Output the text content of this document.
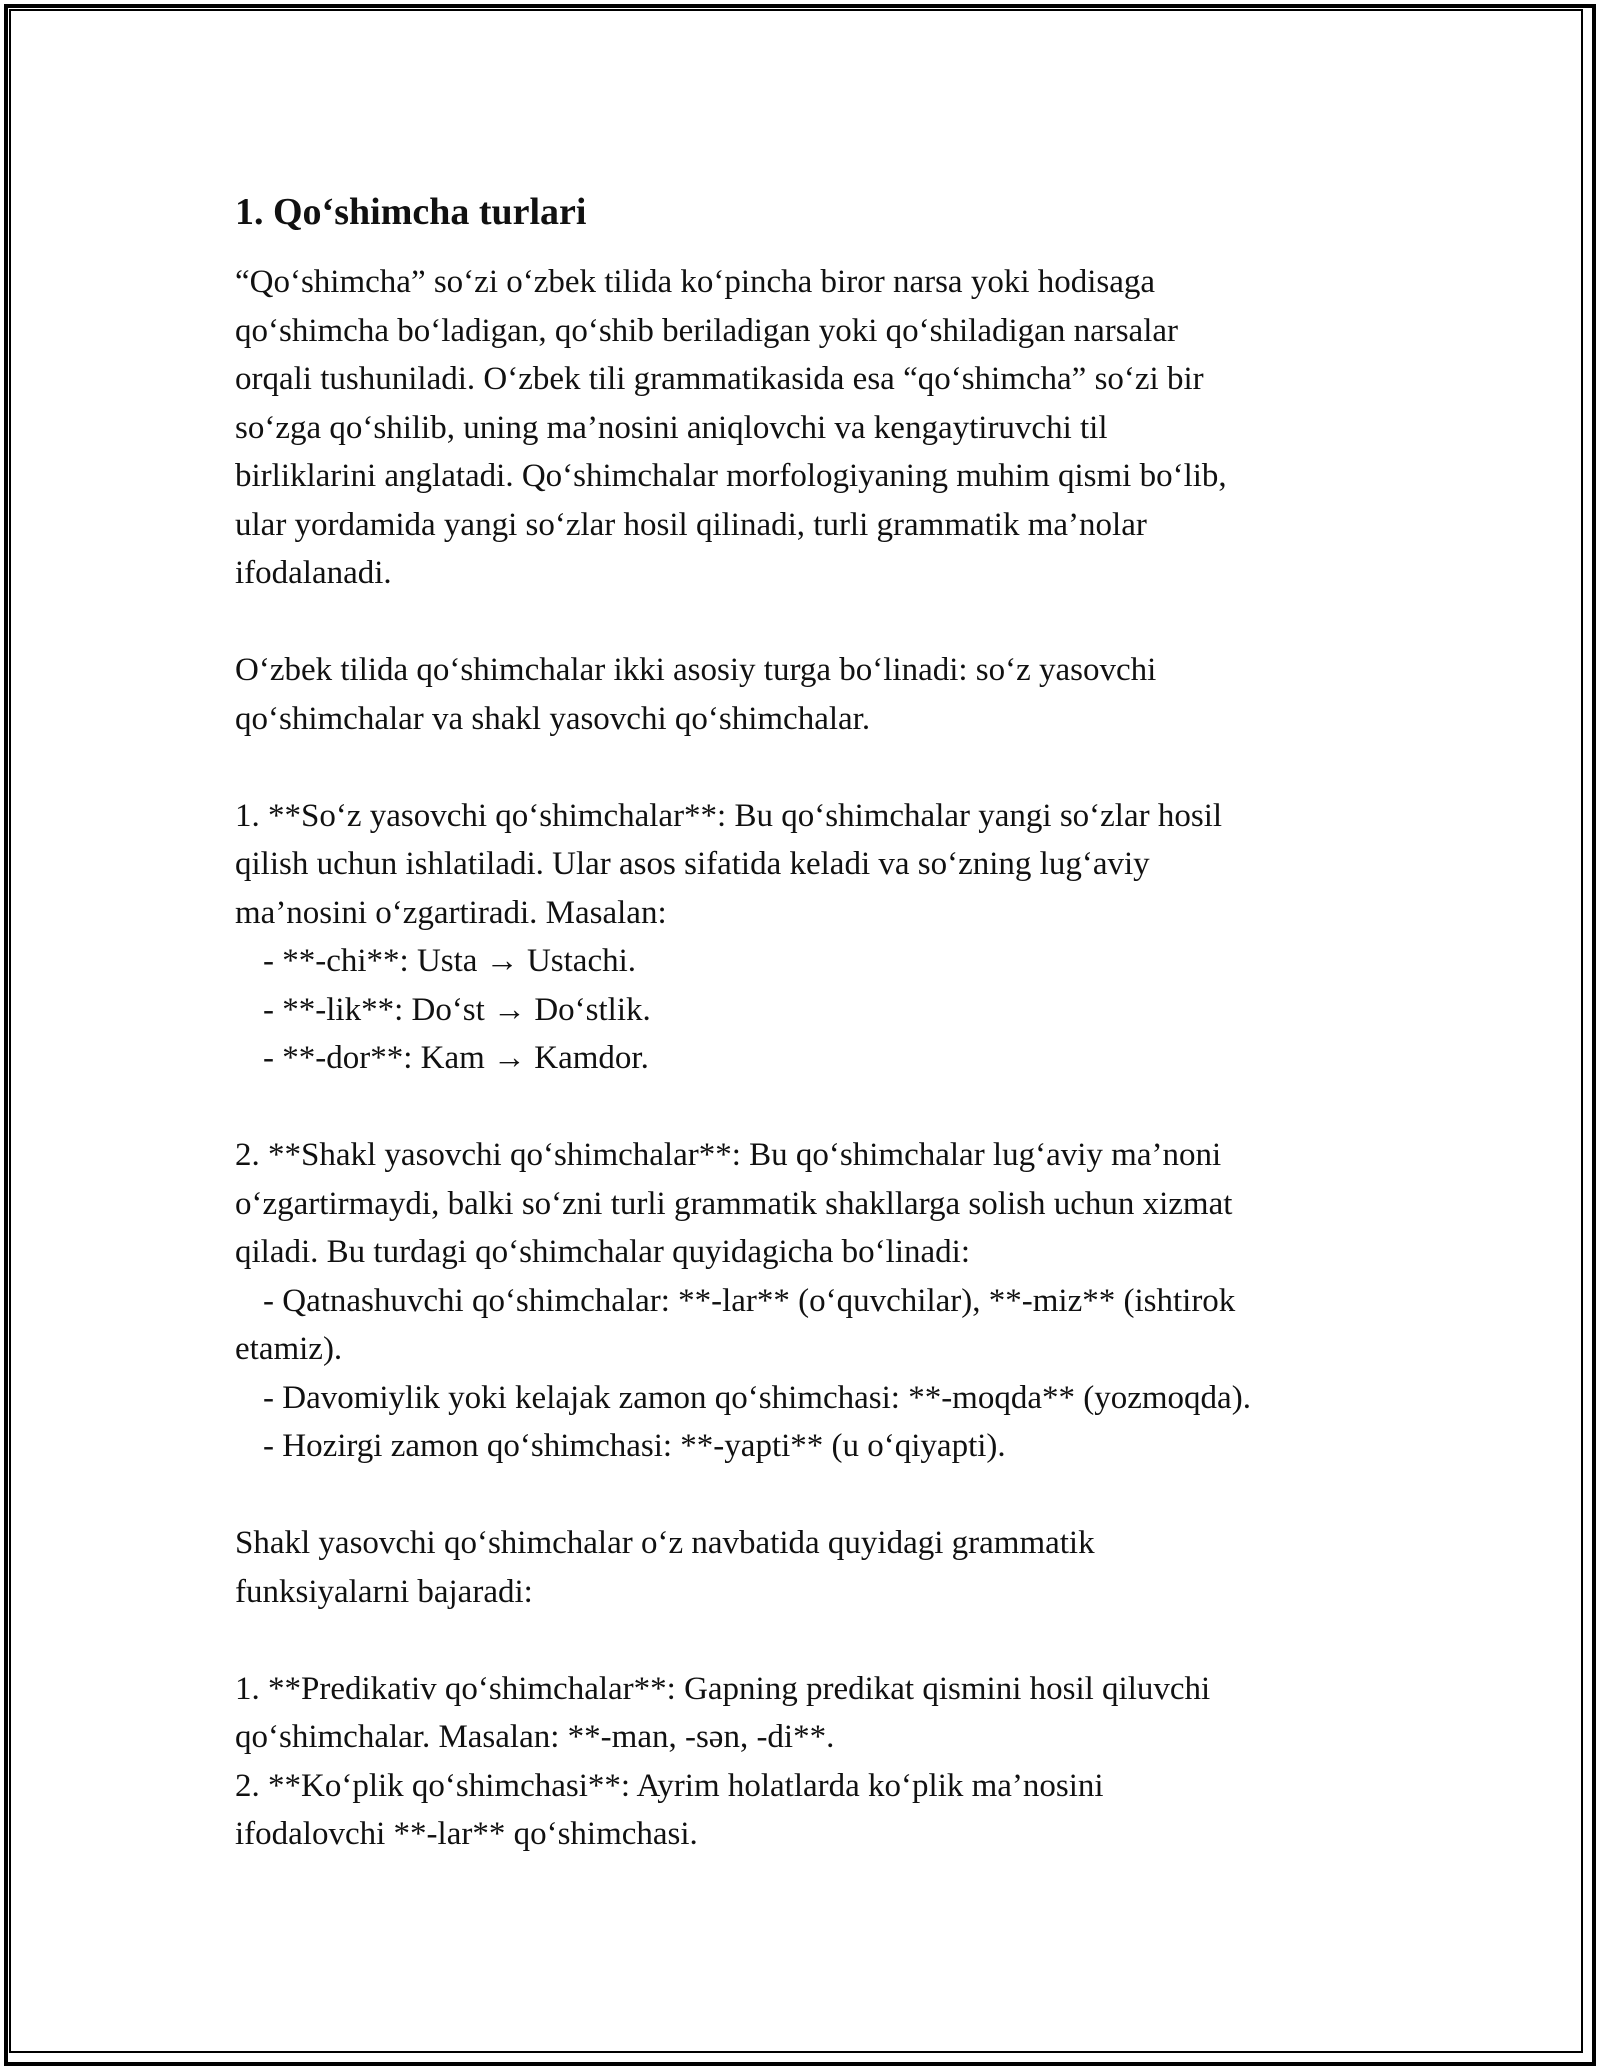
1. Qo‘shimcha turlari

“Qo‘shimcha” so‘zi o‘zbek tilida ko‘pincha biror narsa yoki hodisaga

qo‘shimcha bo‘ladigan, qo‘shib beriladigan yoki qo‘shiladigan narsalar

orqali tushuniladi. O‘zbek tili grammatikasida esa “qo‘shimcha” so‘zi bir

so‘zga qo‘shilib, uning ma’nosini aniqlovchi va kengaytiruvchi til

birliklarini anglatadi. Qo‘shimchalar morfologiyaning muhim qismi bo‘lib,

ular yordamida yangi so‘zlar hosil qilinadi, turli grammatik ma’nolar

ifodalanadi.

O‘zbek tilida qo‘shimchalar ikki asosiy turga bo‘linadi: so‘z yasovchi

qo‘shimchalar va shakl yasovchi qo‘shimchalar.

1. **So‘z yasovchi qo‘shimchalar**: Bu qo‘shimchalar yangi so‘zlar hosil

qilish uchun ishlatiladi. Ular asos sifatida keladi va so‘zning lug‘aviy

ma’nosini o‘zgartiradi. Masalan:

- **-chi**: Usta → Ustachi.

- **-lik**: Do‘st → Do‘stlik.

- **-dor**: Kam → Kamdor.

2. **Shakl yasovchi qo‘shimchalar**: Bu qo‘shimchalar lug‘aviy ma’noni

o‘zgartirmaydi, balki so‘zni turli grammatik shakllarga solish uchun xizmat

qiladi. Bu turdagi qo‘shimchalar quyidagicha bo‘linadi:

- Qatnashuvchi qo‘shimchalar: **-lar** (o‘quvchilar), **-miz** (ishtirok

etamiz).

- Davomiylik yoki kelajak zamon qo‘shimchasi: **-moqda** (yozmoqda).

- Hozirgi zamon qo‘shimchasi: **-yapti** (u o‘qiyapti).

Shakl yasovchi qo‘shimchalar o‘z navbatida quyidagi grammatik

funksiyalarni bajaradi:

1. **Predikativ qo‘shimchalar**: Gapning predikat qismini hosil qiluvchi

qo‘shimchalar. Masalan: **-man, -sən, -di**.

2. **Ko‘plik qo‘shimchasi**: Ayrim holatlarda ko‘plik ma’nosini

ifodalovchi **-lar** qo‘shimchasi.
